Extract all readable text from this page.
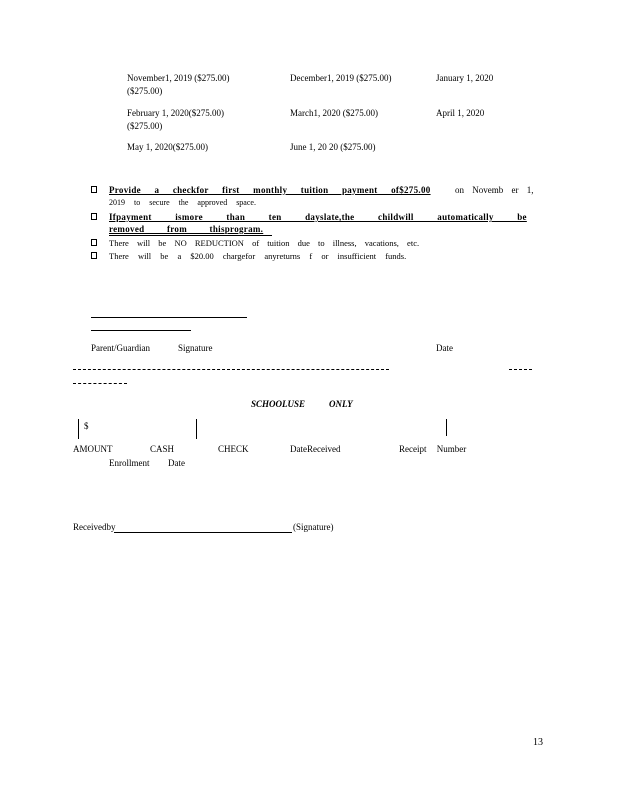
November1, 2019 ($275.00)	December1, 2019 ($275.00)	January 1, 2020
($275.00)
February 1, 2020($275.00)	March1, 2020 ($275.00)	April 1, 2020
($275.00)
May 1, 2020($275.00)	June 1, 20 20 ($275.00)
Provide a checkfor first monthly tuition payment of$275.00	on Novemb er 1,
2019 to secure the approved space.
Ifpayment ismore than ten dayslate,the childwill automatically be
removed from thisprogram.
There will be NO REDUCTION of tuition due to illness, vacations, etc.
There will be a $20.00 chargefor anyreturns f or insufficient funds.
Parent/Guardian	Signature	Date
SCHOOLUSE	ONLY
$
AMOUNT	CASH	CHECK	DateReceived	Receipt Number
Enrollment Date
Receivedby	(Signature)
13
